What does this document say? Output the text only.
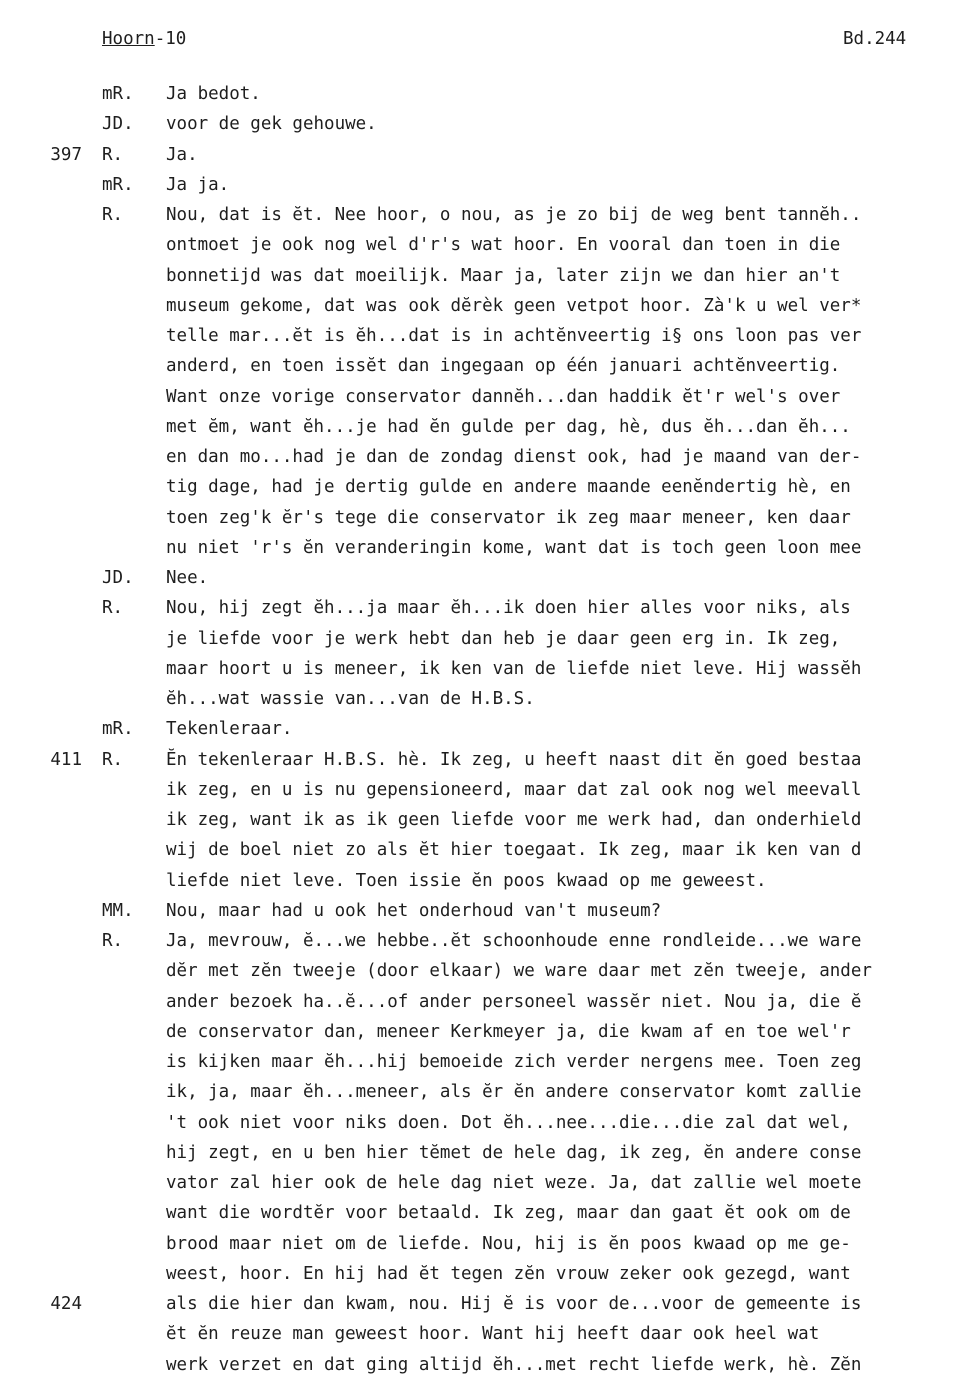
Hoorn-10	Bd.244
mR. Ja bedot.
JD. voor de gek gehouwe.
397 R. Ja.
mR. Ja ja.
R. Nou, dat is ĕt. Nee hoor, o nou, as je zo bij de weg bent tannĕh..
ontmoet je ook nog wel d'r's wat hoor. En vooral dan toen in die
bonnetijd was dat moeilijk. Maar ja, later zijn we dan hier an't
museum gekome, dat was ook dĕrèk geen vetpot hoor. Zà'k u wel ver*
telle mar...ĕt is ĕh...dat is in achtĕnveertig i§ ons loon pas ver
anderd, en toen issĕt dan ingegaan op één januari achtĕnveertig.
Want onze vorige conservator dannĕh...dan haddik ĕt'r wel's over
met ĕm, want ĕh...je had ĕn gulde per dag, hè, dus ĕh...dan ĕh...
en dan mo...had je dan de zondag dienst ook, had je maand van der-
tig dage, had je dertig gulde en andere maande eenĕndertig hè, en
toen zeg'k ĕr's tege die conservator ik zeg maar meneer, ken daar
nu niet 'r's ĕn veranderingin kome, want dat is toch geen loon mee
JD. Nee.
R. Nou, hij zegt ĕh...ja maar ĕh...ik doen hier alles voor niks, als
je liefde voor je werk hebt dan heb je daar geen erg in. Ik zeg,
maar hoort u is meneer, ik ken van de liefde niet leve. Hij wassĕh
ĕh...wat wassie van...van de H.B.S.
mR. Tekenleraar.
411 R. Ĕn tekenleraar H.B.S. hè. Ik zeg, u heeft naast dit ĕn goed bestaa
ik zeg, en u is nu gepensioneerd, maar dat zal ook nog wel meevall
ik zeg, want ik as ik geen liefde voor me werk had, dan onderhield
wij de boel niet zo als ĕt hier toegaat. Ik zeg, maar ik ken van d
liefde niet leve. Toen issie ĕn poos kwaad op me geweest.
MM. Nou, maar had u ook het onderhoud van't museum?
R. Ja, mevrouw, ĕ...we hebbe..ĕt schoonhoude enne rondleide...we ware
dĕr met zĕn tweeje (door elkaar) we ware daar met zĕn tweeje, ander
ander bezoek ha..ĕ...of ander personeel wassĕr niet. Nou ja, die ĕ
de conservator dan, meneer Kerkmeyer ja, die kwam af en toe wel'r
is kijken maar ĕh...hij bemoeide zich verder nergens mee. Toen zeg
ik, ja, maar ĕh...meneer, als ĕr ĕn andere conservator komt zallie
't ook niet voor niks doen. Dot ĕh...nee...die...die zal dat wel,
hij zegt, en u ben hier tĕmet de hele dag, ik zeg, ĕn andere conse
vator zal hier ook de hele dag niet weze. Ja, dat zallie wel moete
want die wordtĕr voor betaald. Ik zeg, maar dan gaat ĕt ook om de
brood maar niet om de liefde. Nou, hij is ĕn poos kwaad op me ge-
weest, hoor. En hij had ĕt tegen zĕn vrouw zeker ook gezegd, want
424	als die hier dan kwam, nou. Hij ĕ is voor de...voor de gemeente is
ĕt ĕn reuze man geweest hoor. Want hij heeft daar ook heel wat
werk verzet en dat ging altijd ĕh...met recht liefde werk, hè. Zĕn
